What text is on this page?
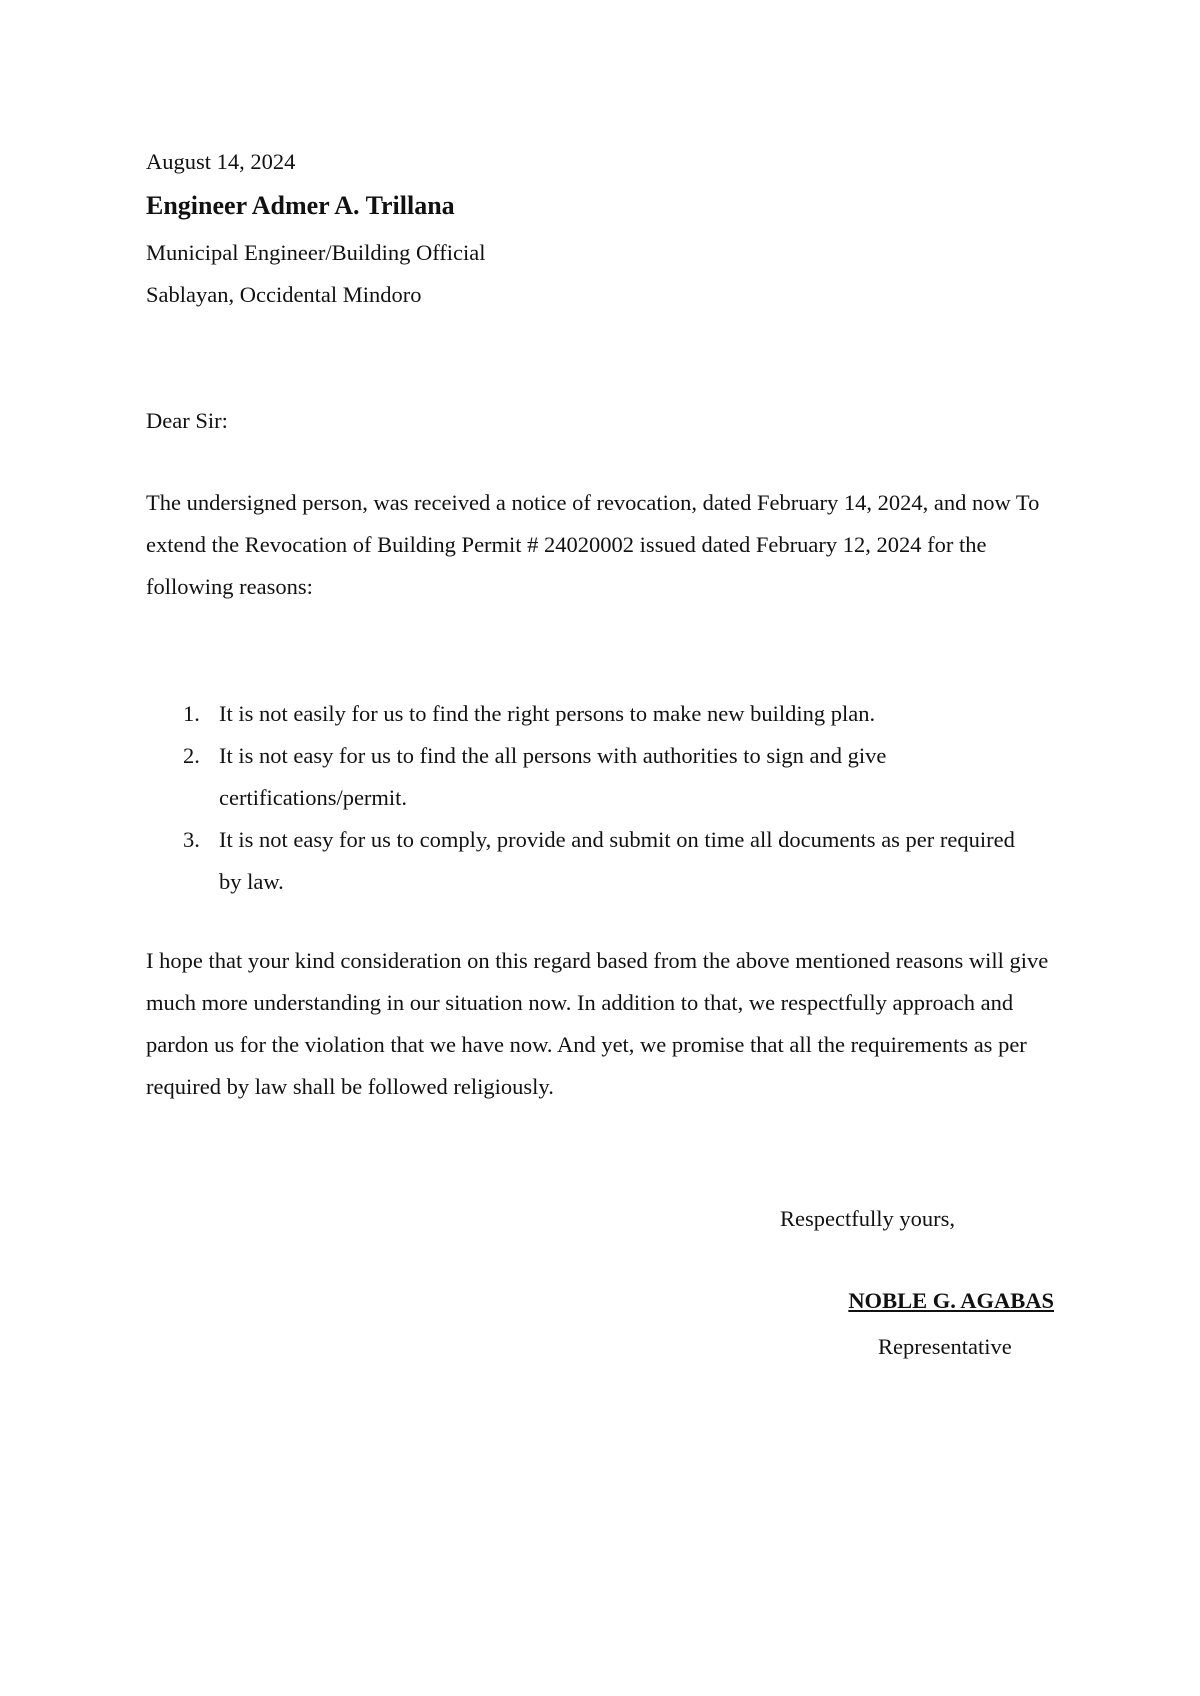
August 14, 2024

Engineer Admer A. Trillana

Municipal Engineer/Building Official

Sablayan, Occidental Mindoro

Dear Sir:

The undersigned person, was received a notice of revocation, dated February 14, 2024, and now To extend the Revocation of Building Permit # 24020002 issued dated February 12, 2024 for the following reasons:

1. It is not easily for us to find the right persons to make new building plan.
2. It is not easy for us to find the all persons with authorities to sign and give certifications/permit.
3. It is not easy for us to comply, provide and submit on time all documents as per required by law.

I hope that your kind consideration on this regard based from the above mentioned reasons will give much more understanding in our situation now. In addition to that, we respectfully approach and pardon us for the violation that we have now. And yet, we promise that all the requirements as per required by law shall be followed religiously.

Respectfully yours,

NOBLE G. AGABAS

Representative
